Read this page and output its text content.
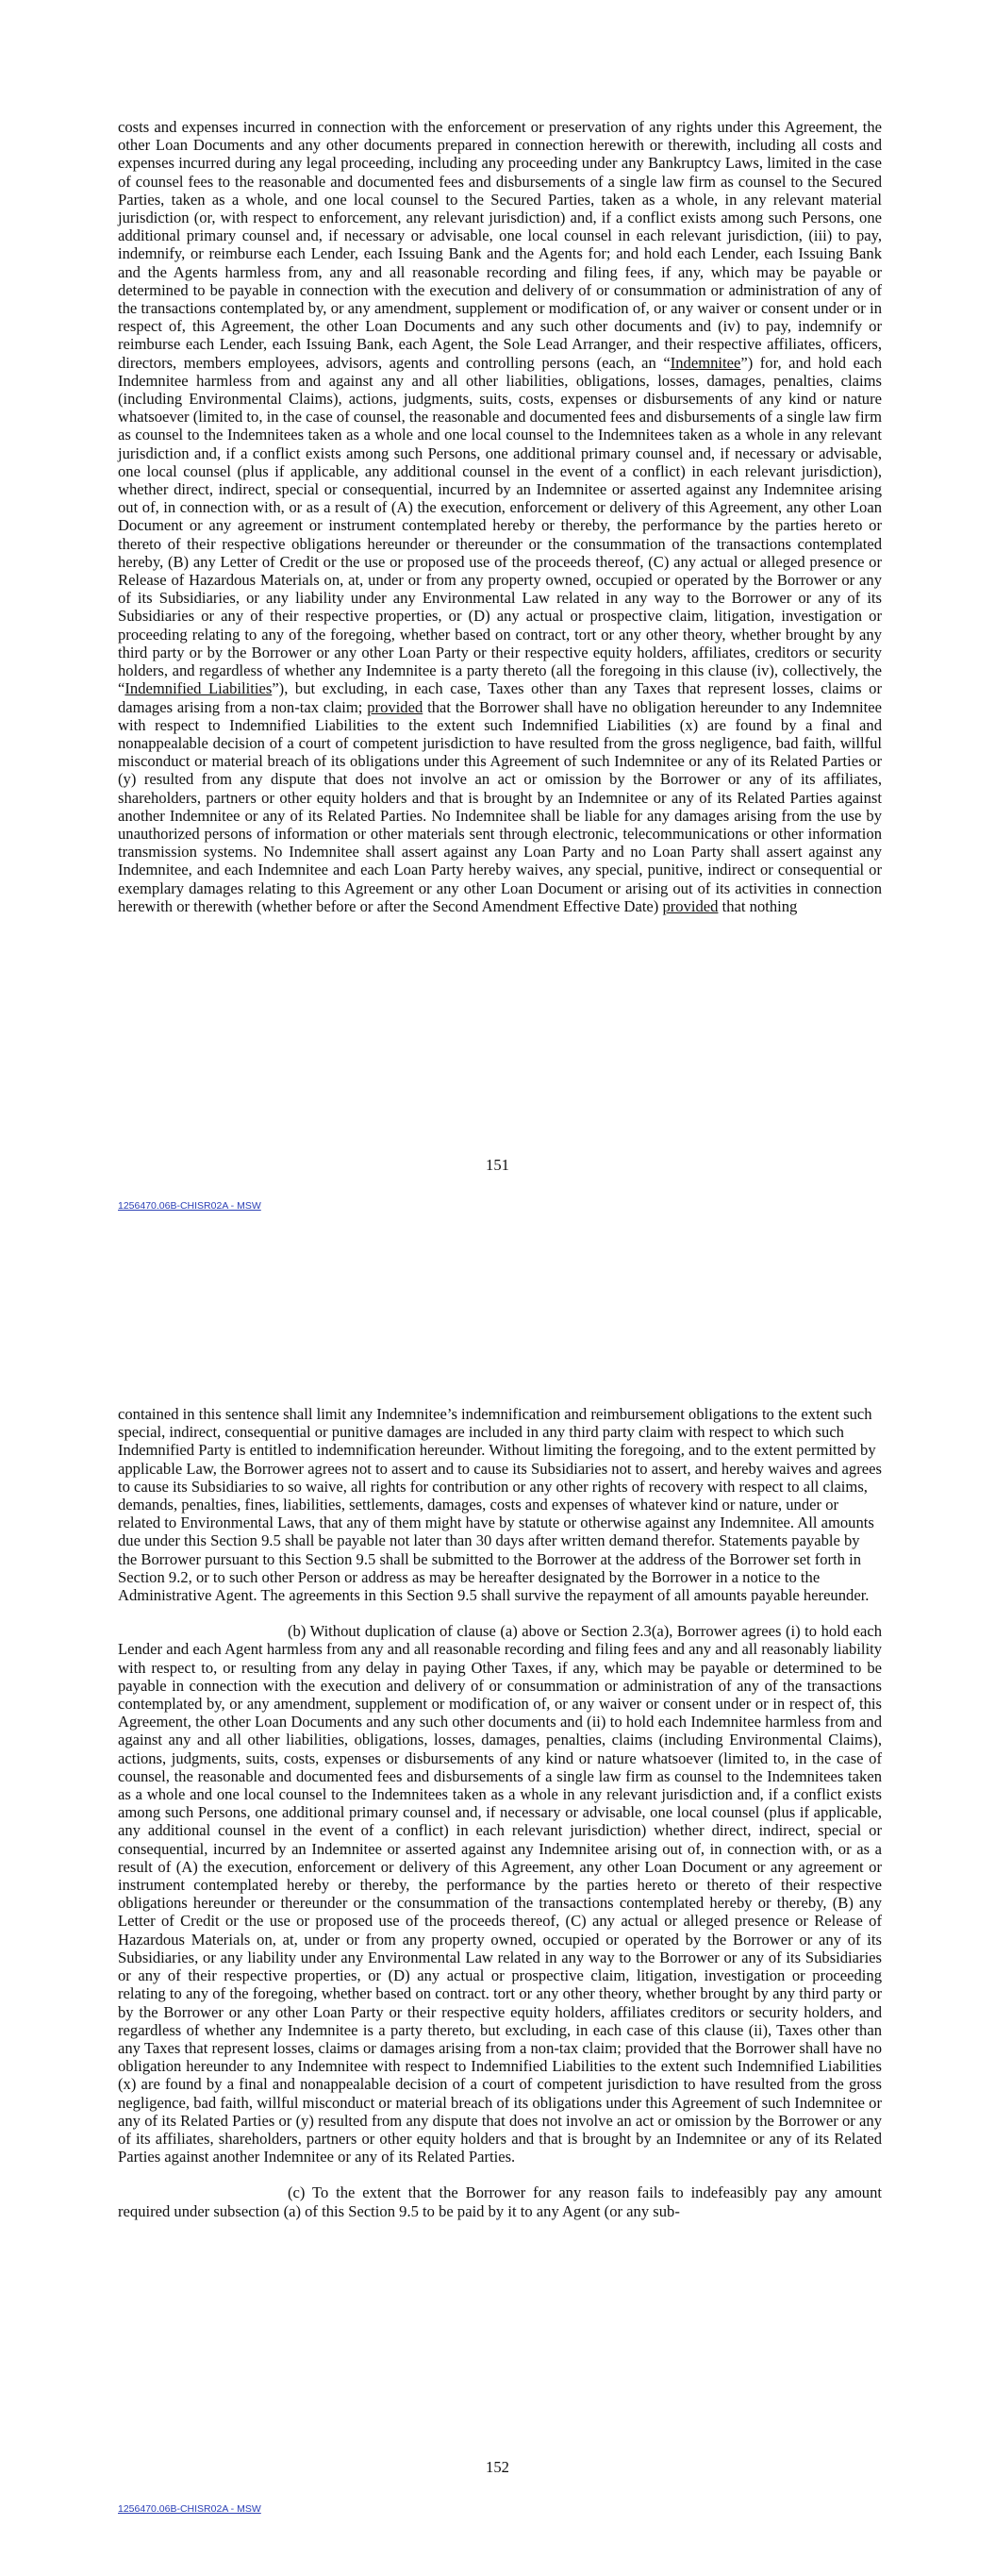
costs and expenses incurred in connection with the enforcement or preservation of any rights under this Agreement, the other Loan Documents and any other documents prepared in connection herewith or therewith, including all costs and expenses incurred during any legal proceeding, including any proceeding under any Bankruptcy Laws, limited in the case of counsel fees to the reasonable and documented fees and disbursements of a single law firm as counsel to the Secured Parties, taken as a whole, and one local counsel to the Secured Parties, taken as a whole, in any relevant material jurisdiction (or, with respect to enforcement, any relevant jurisdiction) and, if a conflict exists among such Persons, one additional primary counsel and, if necessary or advisable, one local counsel in each relevant jurisdiction, (iii) to pay, indemnify, or reimburse each Lender, each Issuing Bank and the Agents for; and hold each Lender, each Issuing Bank and the Agents harmless from, any and all reasonable recording and filing fees, if any, which may be payable or determined to be payable in connection with the execution and delivery of or consummation or administration of any of the transactions contemplated by, or any amendment, supplement or modification of, or any waiver or consent under or in respect of, this Agreement, the other Loan Documents and any such other documents and (iv) to pay, indemnify or reimburse each Lender, each Issuing Bank, each Agent, the Sole Lead Arranger, and their respective affiliates, officers, directors, members employees, advisors, agents and controlling persons (each, an “Indemnitee”) for, and hold each Indemnitee harmless from and against any and all other liabilities, obligations, losses, damages, penalties, claims (including Environmental Claims), actions, judgments, suits, costs, expenses or disbursements of any kind or nature whatsoever (limited to, in the case of counsel, the reasonable and documented fees and disbursements of a single law firm as counsel to the Indemnitees taken as a whole and one local counsel to the Indemnitees taken as a whole in any relevant jurisdiction and, if a conflict exists among such Persons, one additional primary counsel and, if necessary or advisable, one local counsel (plus if applicable, any additional counsel in the event of a conflict) in each relevant jurisdiction), whether direct, indirect, special or consequential, incurred by an Indemnitee or asserted against any Indemnitee arising out of, in connection with, or as a result of (A) the execution, enforcement or delivery of this Agreement, any other Loan Document or any agreement or instrument contemplated hereby or thereby, the performance by the parties hereto or thereto of their respective obligations hereunder or thereunder or the consummation of the transactions contemplated hereby, (B) any Letter of Credit or the use or proposed use of the proceeds thereof, (C) any actual or alleged presence or Release of Hazardous Materials on, at, under or from any property owned, occupied or operated by the Borrower or any of its Subsidiaries, or any liability under any Environmental Law related in any way to the Borrower or any of its Subsidiaries or any of their respective properties, or (D) any actual or prospective claim, litigation, investigation or proceeding relating to any of the foregoing, whether based on contract, tort or any other theory, whether brought by any third party or by the Borrower or any other Loan Party or their respective equity holders, affiliates, creditors or security holders, and regardless of whether any Indemnitee is a party thereto (all the foregoing in this clause (iv), collectively, the “Indemnified Liabilities”), but excluding, in each case, Taxes other than any Taxes that represent losses, claims or damages arising from a non-tax claim; provided that the Borrower shall have no obligation hereunder to any Indemnitee with respect to Indemnified Liabilities to the extent such Indemnified Liabilities (x) are found by a final and nonappealable decision of a court of competent jurisdiction to have resulted from the gross negligence, bad faith, willful misconduct or material breach of its obligations under this Agreement of such Indemnitee or any of its Related Parties or (y) resulted from any dispute that does not involve an act or omission by the Borrower or any of its affiliates, shareholders, partners or other equity holders and that is brought by an Indemnitee or any of its Related Parties against another Indemnitee or any of its Related Parties. No Indemnitee shall be liable for any damages arising from the use by unauthorized persons of information or other materials sent through electronic, telecommunications or other information transmission systems. No Indemnitee shall assert against any Loan Party and no Loan Party shall assert against any Indemnitee, and each Indemnitee and each Loan Party hereby waives, any special, punitive, indirect or consequential or exemplary damages relating to this Agreement or any other Loan Document or arising out of its activities in connection herewith or therewith (whether before or after the Second Amendment Effective Date) provided that nothing

151
1256470.06B-CHISR02A - MSW

contained in this sentence shall limit any Indemnitee’s indemnification and reimbursement obligations to the extent such special, indirect, consequential or punitive damages are included in any third party claim with respect to which such Indemnified Party is entitled to indemnification hereunder. Without limiting the foregoing, and to the extent permitted by applicable Law, the Borrower agrees not to assert and to cause its Subsidiaries not to assert, and hereby waives and agrees to cause its Subsidiaries to so waive, all rights for contribution or any other rights of recovery with respect to all claims, demands, penalties, fines, liabilities, settlements, damages, costs and expenses of whatever kind or nature, under or related to Environmental Laws, that any of them might have by statute or otherwise against any Indemnitee. All amounts due under this Section 9.5 shall be payable not later than 30 days after written demand therefor. Statements payable by the Borrower pursuant to this Section 9.5 shall be submitted to the Borrower at the address of the Borrower set forth in Section 9.2, or to such other Person or address as may be hereafter designated by the Borrower in a notice to the Administrative Agent. The agreements in this Section 9.5 shall survive the repayment of all amounts payable hereunder.

(b) Without duplication of clause (a) above or Section 2.3(a), Borrower agrees (i) to hold each Lender and each Agent harmless from any and all reasonable recording and filing fees and any and all reasonably liability with respect to, or resulting from any delay in paying Other Taxes, if any, which may be payable or determined to be payable in connection with the execution and delivery of or consummation or administration of any of the transactions contemplated by, or any amendment, supplement or modification of, or any waiver or consent under or in respect of, this Agreement, the other Loan Documents and any such other documents and (ii) to hold each Indemnitee harmless from and against any and all other liabilities, obligations, losses, damages, penalties, claims (including Environmental Claims), actions, judgments, suits, costs, expenses or disbursements of any kind or nature whatsoever (limited to, in the case of counsel, the reasonable and documented fees and disbursements of a single law firm as counsel to the Indemnitees taken as a whole and one local counsel to the Indemnitees taken as a whole in any relevant jurisdiction and, if a conflict exists among such Persons, one additional primary counsel and, if necessary or advisable, one local counsel (plus if applicable, any additional counsel in the event of a conflict) in each relevant jurisdiction) whether direct, indirect, special or consequential, incurred by an Indemnitee or asserted against any Indemnitee arising out of, in connection with, or as a result of (A) the execution, enforcement or delivery of this Agreement, any other Loan Document or any agreement or instrument contemplated hereby or thereby, the performance by the parties hereto or thereto of their respective obligations hereunder or thereunder or the consummation of the transactions contemplated hereby or thereby, (B) any Letter of Credit or the use or proposed use of the proceeds thereof, (C) any actual or alleged presence or Release of Hazardous Materials on, at, under or from any property owned, occupied or operated by the Borrower or any of its Subsidiaries, or any liability under any Environmental Law related in any way to the Borrower or any of its Subsidiaries or any of their respective properties, or (D) any actual or prospective claim, litigation, investigation or proceeding relating to any of the foregoing, whether based on contract. tort or any other theory, whether brought by any third party or by the Borrower or any other Loan Party or their respective equity holders, affiliates creditors or security holders, and regardless of whether any Indemnitee is a party thereto, but excluding, in each case of this clause (ii), Taxes other than any Taxes that represent losses, claims or damages arising from a non-tax claim; provided that the Borrower shall have no obligation hereunder to any Indemnitee with respect to Indemnified Liabilities to the extent such Indemnified Liabilities (x) are found by a final and nonappealable decision of a court of competent jurisdiction to have resulted from the gross negligence, bad faith, willful misconduct or material breach of its obligations under this Agreement of such Indemnitee or any of its Related Parties or (y) resulted from any dispute that does not involve an act or omission by the Borrower or any of its affiliates, shareholders, partners or other equity holders and that is brought by an Indemnitee or any of its Related Parties against another Indemnitee or any of its Related Parties.

(c) To the extent that the Borrower for any reason fails to indefeasibly pay any amount required under subsection (a) of this Section 9.5 to be paid by it to any Agent (or any sub-

152
1256470.06B-CHISR02A - MSW
